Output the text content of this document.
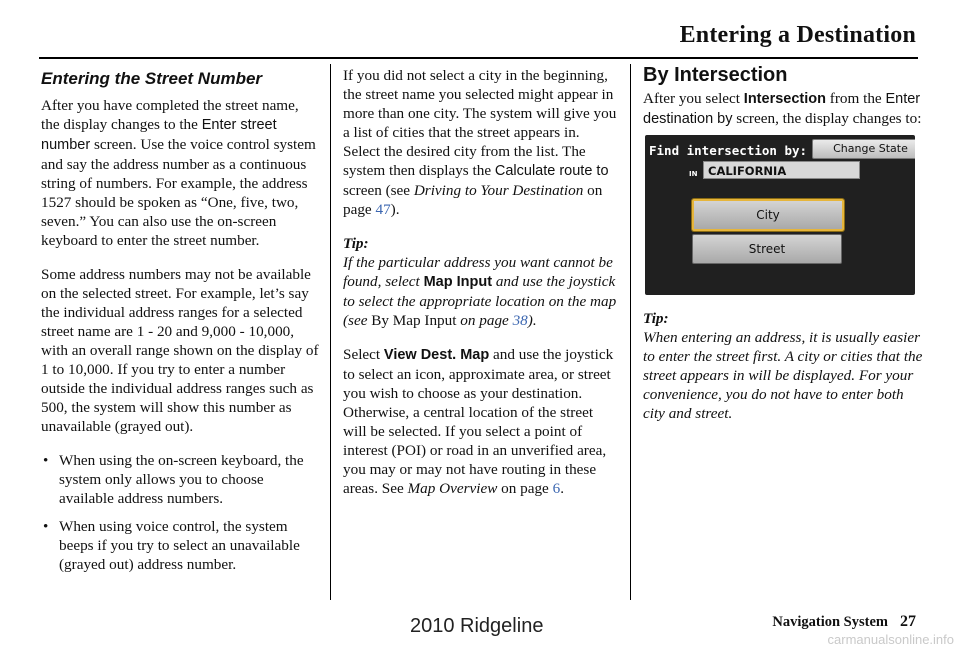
Entering a Destination
Entering the Street Number

After you have completed the street name, the display changes to the Enter street number screen. Use the voice control system and say the address number as a continuous string of numbers. For example, the address 1527 should be spoken as “One, five, two, seven.” You can also use the on-screen keyboard to enter the street number.

Some address numbers may not be available on the selected street. For example, let’s say the individual address ranges for a selected street name are 1 - 20 and 9,000 - 10,000, with an overall range shown on the display of 1 to 10,000. If you try to enter a number outside the individual address ranges such as 500, the system will show this number as unavailable (grayed out).

• When using the on-screen keyboard, the system only allows you to choose available address numbers.
• When using voice control, the system beeps if you try to select an unavailable (grayed out) address number.

If you did not select a city in the beginning, the street name you selected might appear in more than one city. The system will give you a list of cities that the street appears in. Select the desired city from the list. The system then displays the Calculate route to screen (see Driving to Your Destination on page 47).

Tip:

If the particular address you want cannot be found, select Map Input and use the joystick to select the appropriate location on the map (see By Map Input on page 38).

Select View Dest. Map and use the joystick to select an icon, approximate area, or street you wish to choose as your destination. Otherwise, a central location of the street will be selected. If you select a point of interest (POI) or road in an unverified area, you may or may not have routing in these areas. See Map Overview on page 6.

By Intersection

After you select Intersection from the Enter destination by screen, the display changes to:

Find intersection by:	Change State
IN CALIFORNIA
City
Street

Tip:

When entering an address, it is usually easier to enter the street first. A city or cities that the street appears in will be displayed. For your convenience, you do not have to enter both city and street.

Navigation System 27
2010 Ridgeline
carmanualsonline.info
